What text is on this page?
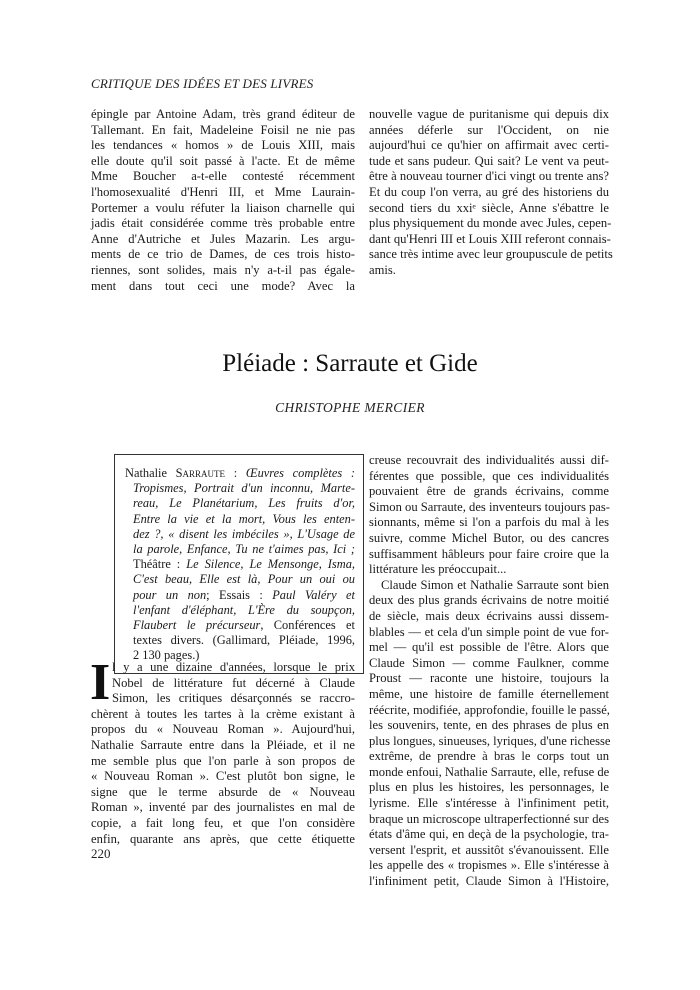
CRITIQUE DES IDÉES ET DES LIVRES
épingle par Antoine Adam, très grand éditeur de
Tallemant. En fait, Madeleine Foisil ne nie pas
les tendances « homos » de Louis XIII, mais
elle doute qu'il soit passé à l'acte. Et de même
Mme Boucher a-t-elle contesté récemment
l'homosexualité d'Henri III, et Mme Laurain-
Portemer a voulu réfuter la liaison charnelle qui
jadis était considérée comme très probable entre
Anne d'Autriche et Jules Mazarin. Les argu-
ments de ce trio de Dames, de ces trois histo-
riennes, sont solides, mais n'y a-t-il pas égale-
ment dans tout ceci une mode? Avec la
nouvelle vague de puritanisme qui depuis dix
années déferle sur l'Occident, on nie
aujourd'hui ce qu'hier on affirmait avec certi-
tude et sans pudeur. Qui sait? Le vent va peut-
être à nouveau tourner d'ici vingt ou trente ans?
Et du coup l'on verra, au gré des historiens du
second tiers du xxiᵉ siècle, Anne s'ébattre le
plus physiquement du monde avec Jules, cepen-
dant qu'Henri III et Louis XIII referont connais-
sance très intime avec leur groupuscule de petits
amis.
Pléiade : Sarraute et Gide
CHRISTOPHE MERCIER
Nathalie Sarraute : Œuvres complètes :
Tropismes, Portrait d'un inconnu, Marte-
reau, Le Planétarium, Les fruits d'or,
Entre la vie et la mort, Vous les enten-
dez ?, « disent les imbéciles », L'Usage de
la parole, Enfance, Tu ne t'aimes pas, Ici ;
Théâtre : Le Silence, Le Mensonge, Isma,
C'est beau, Elle est là, Pour un oui ou
pour un non; Essais : Paul Valéry et
l'enfant d'éléphant, L'Ère du soupçon,
Flaubert le précurseur, Conférences et
textes divers. (Gallimard, Pléiade, 1996,
2 130 pages.)
I l y a une dizaine d'années, lorsque le prix
Nobel de littérature fut décerné à Claude
Simon, les critiques désarçonnés se raccro-
chèrent à toutes les tartes à la crème existant à
propos du « Nouveau Roman ». Aujourd'hui,
Nathalie Sarraute entre dans la Pléiade, et il ne
me semble plus que l'on parle à son propos de
« Nouveau Roman ». C'est plutôt bon signe, le
signe que le terme absurde de « Nouveau
Roman », inventé par des journalistes en mal de
copie, a fait long feu, et que l'on considère
enfin, quarante ans après, que cette étiquette
creuse recouvrait des individualités aussi dif-
férentes que possible, que ces individualités
pouvaient être de grands écrivains, comme
Simon ou Sarraute, des inventeurs toujours pas-
sionnants, même si l'on a parfois du mal à les
suivre, comme Michel Butor, ou des cancres
suffisamment hâbleurs pour faire croire que la
littérature les préoccupait...
Claude Simon et Nathalie Sarraute sont bien
deux des plus grands écrivains de notre moitié
de siècle, mais deux écrivains aussi dissem-
blables — et cela d'un simple point de vue for-
mel — qu'il est possible de l'être. Alors que
Claude Simon — comme Faulkner, comme
Proust — raconte une histoire, toujours la
même, une histoire de famille éternellement
réécrite, modifiée, approfondie, fouille le passé,
les souvenirs, tente, en des phrases de plus en
plus longues, sinueuses, lyriques, d'une richesse
extrême, de prendre à bras le corps tout un
monde enfoui, Nathalie Sarraute, elle, refuse de
plus en plus les histoires, les personnages, le
lyrisme. Elle s'intéresse à l'infiniment petit,
braque un microscope ultraperfectionné sur des
états d'âme qui, en deçà de la psychologie, tra-
versent l'esprit, et aussitôt s'évanouissent. Elle
les appelle des « tropismes ». Elle s'intéresse à
l'infiniment petit, Claude Simon à l'Histoire,
220
